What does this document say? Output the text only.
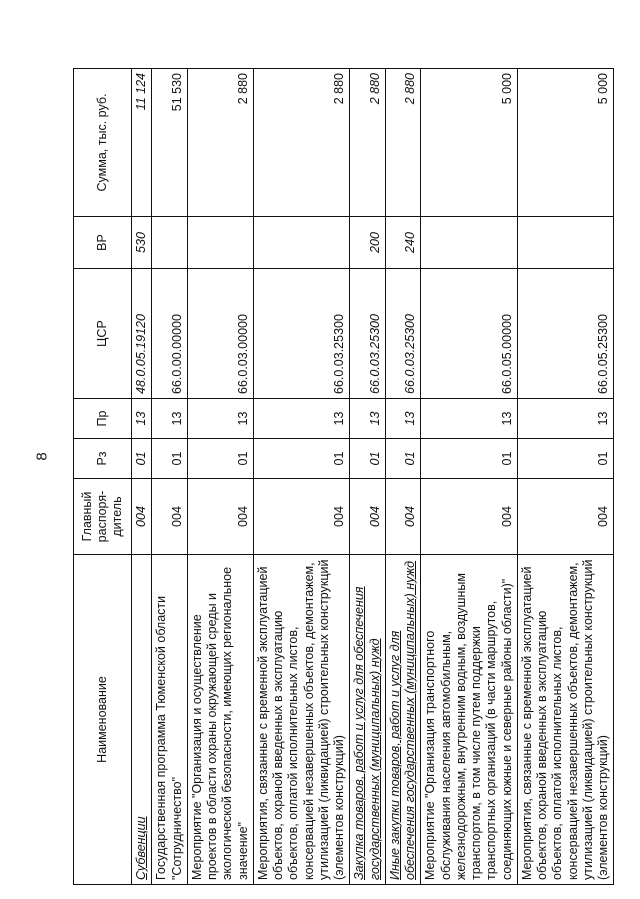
8
Наименование	Главный распоря-дитель	Рз	Пр	ЦСР	ВР	Сумма, тыс. руб.
Субвенции	004	01	13	48.0.05.19120	530	11 124
Государственная программа Тюменской области "Сотрудничество"	004	01	13	66.0.00.00000		51 530
Мероприятие "Организация и осуществление проектов в области охраны окружающей среды и экологической безопасности, имеющих региональное значение"	004	01	13	66.0.03.00000		2 880
Мероприятия, связанные с временной эксплуатацией объектов, охраной введенных в эксплуатацию объектов, оплатой исполнительных листов, консервацией незавершенных объектов, демонтажем, утилизацией (ликвидацией) строительных конструкций (элементов конструкций)	004	01	13	66.0.03.25300		2 880
Закупка товаров, работ и услуг для обеспечения государственных (муниципальных) нужд	004	01	13	66.0.03.25300	200	2 880
Иные закупки товаров, работ и услуг для обеспечения государственных (муниципальных) нужд	004	01	13	66.0.03.25300	240	2 880
Мероприятие "Организация транспортного обслуживания населения автомобильным, железнодорожным, внутренним водным, воздушным транспортом, в том числе путем поддержки транспортных организаций (в части маршрутов, соединяющих южные и северные районы области)"	004	01	13	66.0.05.00000		5 000
Мероприятия, связанные с временной эксплуатацией объектов, охраной введенных в эксплуатацию объектов, оплатой исполнительных листов, консервацией незавершенных объектов, демонтажем, утилизацией (ликвидацией) строительных конструкций (элементов конструкций)	004	01	13	66.0.05.25300		5 000
